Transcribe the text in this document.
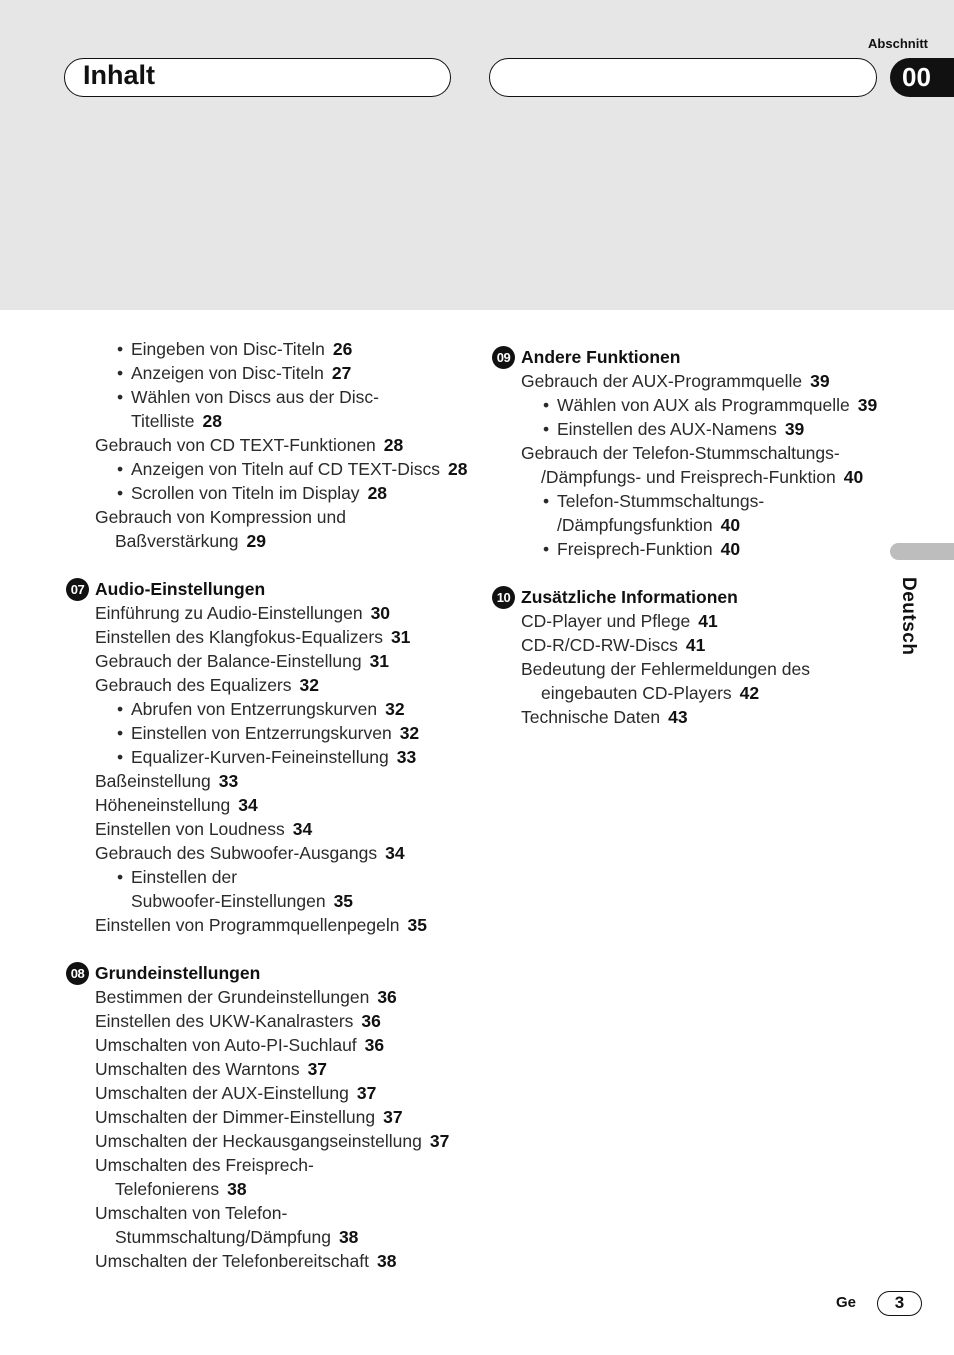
Abschnitt
Inhalt	00
Deutsch
• Eingeben von Disc-Titeln 26
• Anzeigen von Disc-Titeln 27
• Wählen von Discs aus der Disc-
Titelliste 28
Gebrauch von CD TEXT-Funktionen 28
• Anzeigen von Titeln auf CD TEXT-Discs 28
• Scrollen von Titeln im Display 28
Gebrauch von Kompression und
Baßverstärkung 29
07 Audio-Einstellungen
Einführung zu Audio-Einstellungen 30
Einstellen des Klangfokus-Equalizers 31
Gebrauch der Balance-Einstellung 31
Gebrauch des Equalizers 32
• Abrufen von Entzerrungskurven 32
• Einstellen von Entzerrungskurven 32
• Equalizer-Kurven-Feineinstellung 33
Baßeinstellung 33
Höheneinstellung 34
Einstellen von Loudness 34
Gebrauch des Subwoofer-Ausgangs 34
• Einstellen der
Subwoofer-Einstellungen 35
Einstellen von Programmquellenpegeln 35
08 Grundeinstellungen
Bestimmen der Grundeinstellungen 36
Einstellen des UKW-Kanalrasters 36
Umschalten von Auto-PI-Suchlauf 36
Umschalten des Warntons 37
Umschalten der AUX-Einstellung 37
Umschalten der Dimmer-Einstellung 37
Umschalten der Heckausgangseinstellung 37
Umschalten des Freisprech-
Telefonierens 38
Umschalten von Telefon-
Stummschaltung/Dämpfung 38
Umschalten der Telefonbereitschaft 38
09 Andere Funktionen
Gebrauch der AUX-Programmquelle 39
• Wählen von AUX als Programmquelle 39
• Einstellen des AUX-Namens 39
Gebrauch der Telefon-Stummschaltungs-
/Dämpfungs- und Freisprech-Funktion 40
• Telefon-Stummschaltungs-
/Dämpfungsfunktion 40
• Freisprech-Funktion 40
10 Zusätzliche Informationen
CD-Player und Pflege 41
CD-R/CD-RW-Discs 41
Bedeutung der Fehlermeldungen des
eingebauten CD-Players 42
Technische Daten 43
Ge	3
